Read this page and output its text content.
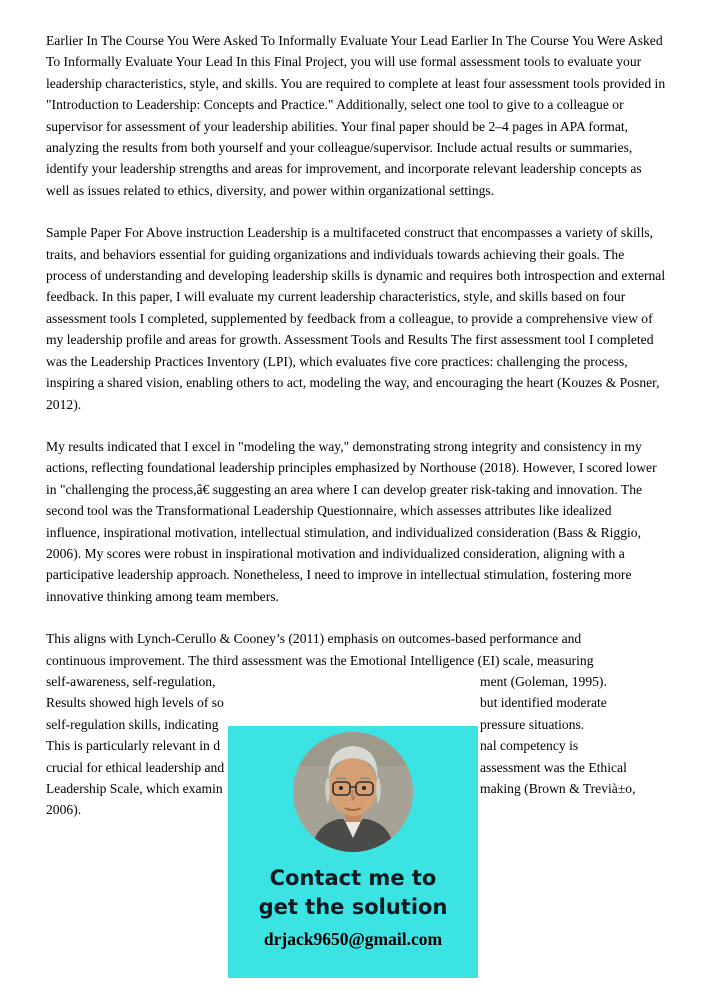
Earlier In The Course You Were Asked To Informally Evaluate Your Lead Earlier In The Course You Were Asked To Informally Evaluate Your Lead In this Final Project, you will use formal assessment tools to evaluate your leadership characteristics, style, and skills. You are required to complete at least four assessment tools provided in "Introduction to Leadership: Concepts and Practice." Additionally, select one tool to give to a colleague or supervisor for assessment of your leadership abilities. Your final paper should be 2–4 pages in APA format, analyzing the results from both yourself and your colleague/supervisor. Include actual results or summaries, identify your leadership strengths and areas for improvement, and incorporate relevant leadership concepts as well as issues related to ethics, diversity, and power within organizational settings.

Sample Paper For Above instruction Leadership is a multifaceted construct that encompasses a variety of skills, traits, and behaviors essential for guiding organizations and individuals towards achieving their goals. The process of understanding and developing leadership skills is dynamic and requires both introspection and external feedback. In this paper, I will evaluate my current leadership characteristics, style, and skills based on four assessment tools I completed, supplemented by feedback from a colleague, to provide a comprehensive view of my leadership profile and areas for growth. Assessment Tools and Results The first assessment tool I completed was the Leadership Practices Inventory (LPI), which evaluates five core practices: challenging the process, inspiring a shared vision, enabling others to act, modeling the way, and encouraging the heart (Kouzes & Posner, 2012).

My results indicated that I excel in "modeling the way," demonstrating strong integrity and consistency in my actions, reflecting foundational leadership principles emphasized by Northouse (2018). However, I scored lower in "challenging the process,â€ suggesting an area where I can develop greater risk-taking and innovation. The second tool was the Transformational Leadership Questionnaire, which assesses attributes like idealized influence, inspirational motivation, intellectual stimulation, and individualized consideration (Bass & Riggio, 2006). My scores were robust in inspirational motivation and individualized consideration, aligning with a participative leadership approach. Nonetheless, I need to improve in intellectual stimulation, fostering more innovative thinking among team members.

This aligns with Lynch-Cerullo & Cooney’s (2011) emphasis on outcomes-based performance and
continuous improvement. The third assessment was the Emotional Intelligence (EI) scale, measuring
self-awareness, self-regulation,	ment (Goleman, 1995).
Results showed high levels of so	but identified moderate
self-regulation skills, indicating	pressure situations.
This is particularly relevant in d	nal competency is
crucial for ethical leadership and	assessment was the Ethical
Leadership Scale, which examin	making (Brown & Trevià±o,
2006).
Contact me to
get the solution
drjack9650@gmail.com
